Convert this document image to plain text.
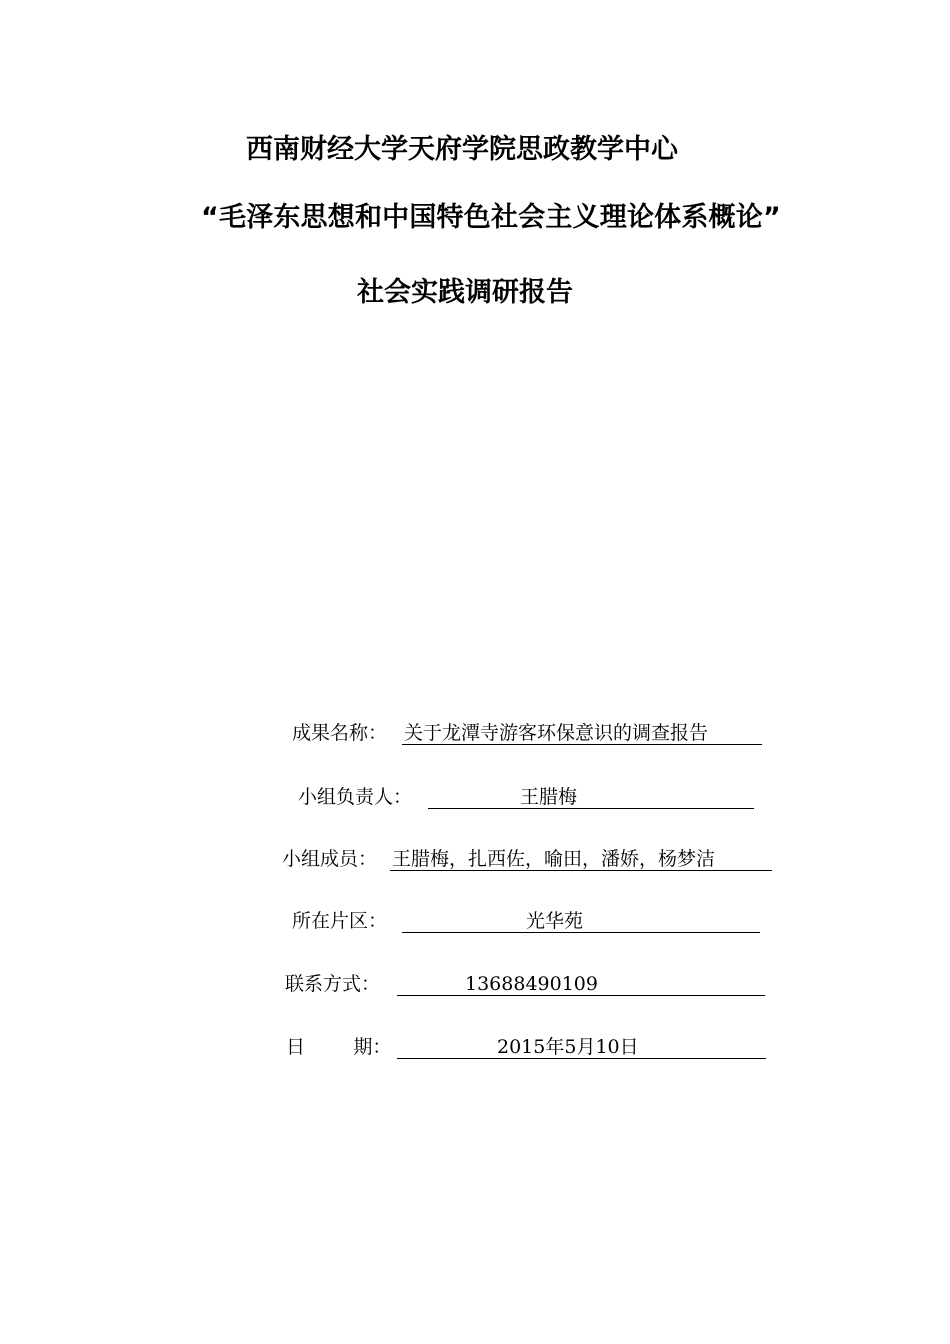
西南财经大学天府学院思政教学中心
“毛泽东思想和中国特色社会主义理论体系概论”
社会实践调研报告
成果名称： 关于龙潭寺游客环保意识的调查报告
小组负责人：	王腊梅
小组成员： 王腊梅，扎西佐，喻田，潘娇，杨梦洁
所在片区：	光华苑
联系方式：	13688490109
日        期：	2015年5月10日
